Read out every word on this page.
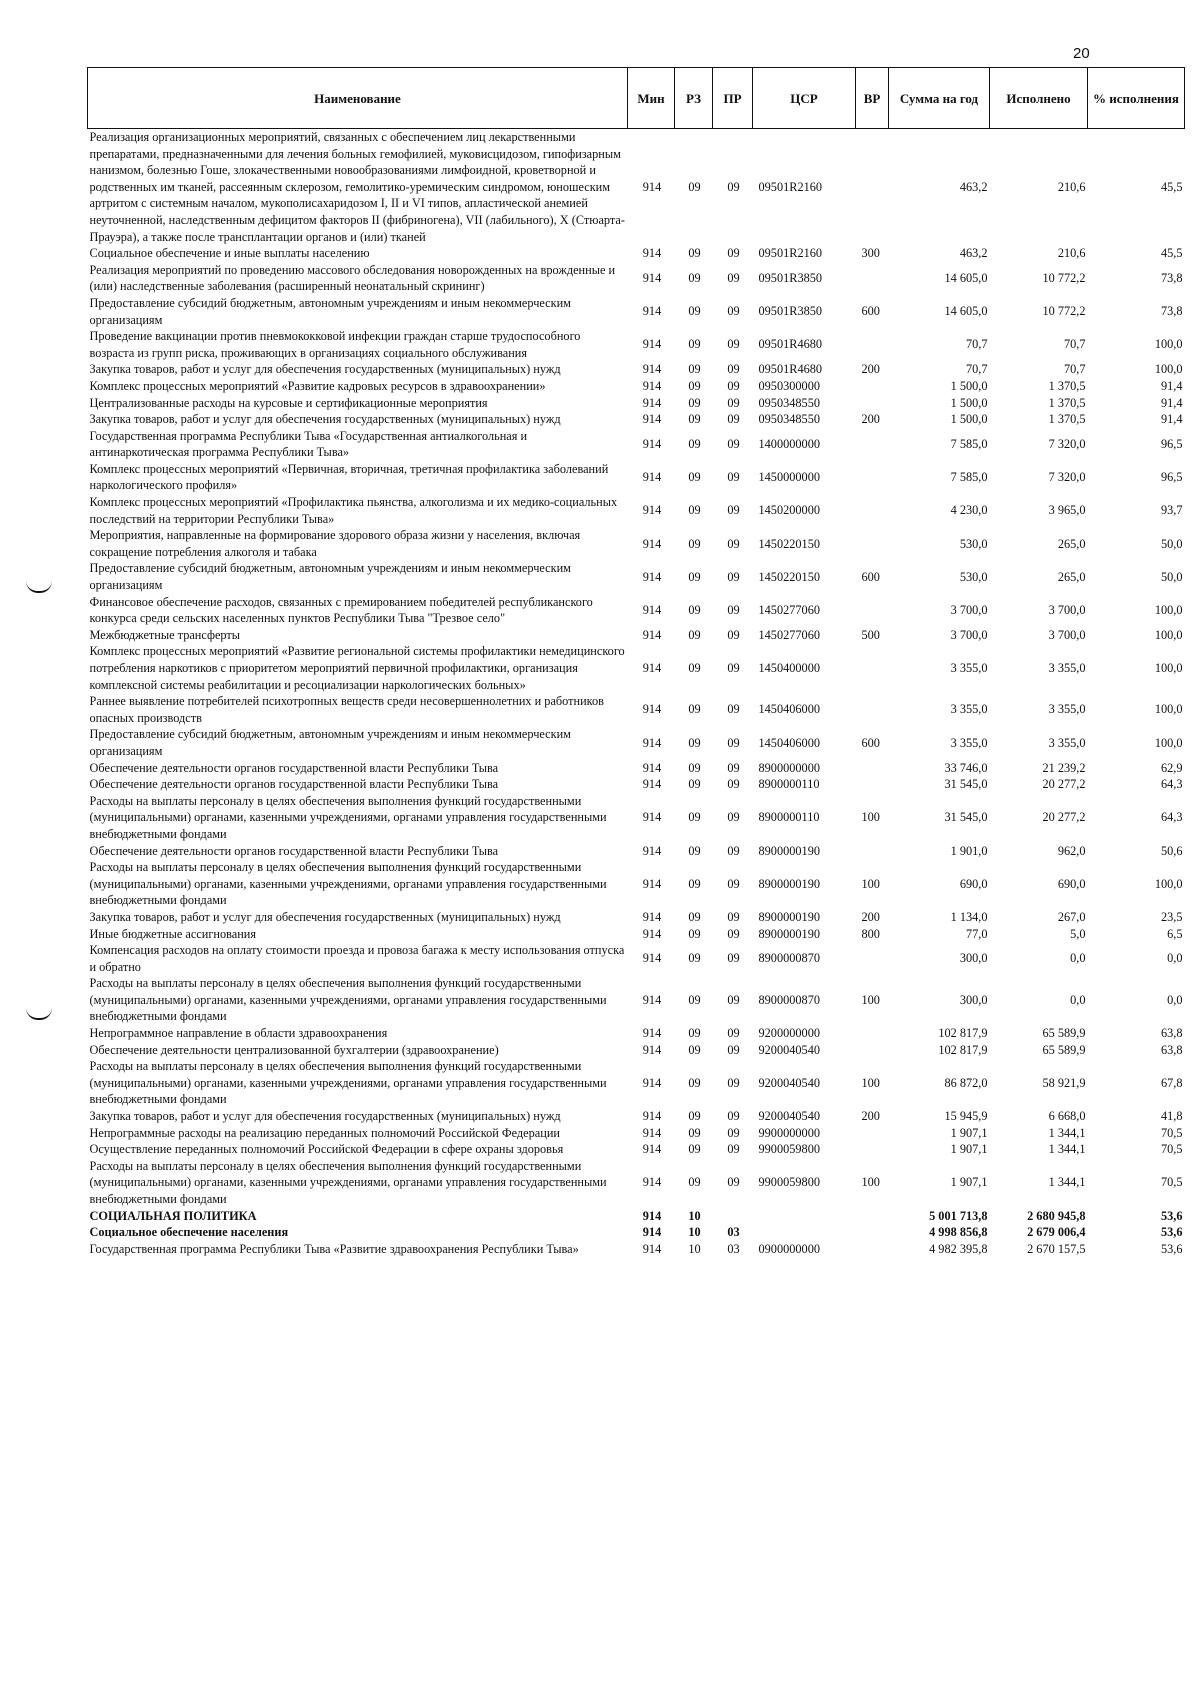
20
Наименование	Мин	РЗ	ПР	ЦСР	ВР	Сумма на год	Исполнено	% исполнения
Реализация организационных мероприятий, связанных с обеспечением лиц лекарственными препаратами, предназначенными для лечения больных гемофилией, муковисцидозом, гипофизарным нанизмом, болезнью Гоше, злокачественными новообразованиями лимфоидной, кроветворной и родственных им тканей, рассеянным склерозом, гемолитико-уремическим синдромом, юношеским артритом с системным началом, мукополисахаридозом I, II и VI типов, апластической анемией неуточненной, наследственным дефицитом факторов II (фибриногена), VII (лабильного), X (Стюарта-Прауэра), а также после трансплантации органов и (или) тканей	914	09	09	09501R2160		463,2	210,6	45,5
Социальное обеспечение и иные выплаты населению	914	09	09	09501R2160	300	463,2	210,6	45,5
Реализация мероприятий по проведению массового обследования новорожденных на врожденные и (или) наследственные заболевания (расширенный неонатальный скрининг)	914	09	09	09501R3850		14 605,0	10 772,2	73,8
Предоставление субсидий бюджетным, автономным учреждениям и иным некоммерческим организациям	914	09	09	09501R3850	600	14 605,0	10 772,2	73,8
Проведение вакцинации против пневмококковой инфекции граждан старше трудоспособного возраста из групп риска, проживающих в организациях социального обслуживания	914	09	09	09501R4680		70,7	70,7	100,0
Закупка товаров, работ и услуг для обеспечения государственных (муниципальных) нужд	914	09	09	09501R4680	200	70,7	70,7	100,0
Комплекс процессных мероприятий «Развитие кадровых ресурсов в здравоохранении»	914	09	09	0950300000		1 500,0	1 370,5	91,4
Централизованные расходы на курсовые и сертификационные мероприятия	914	09	09	0950348550		1 500,0	1 370,5	91,4
Закупка товаров, работ и услуг для обеспечения государственных (муниципальных) нужд	914	09	09	0950348550	200	1 500,0	1 370,5	91,4
Государственная программа Республики Тыва «Государственная антиалкогольная и антинаркотическая программа Республики Тыва»	914	09	09	1400000000		7 585,0	7 320,0	96,5
Комплекс процессных мероприятий «Первичная, вторичная, третичная профилактика заболеваний наркологического профиля»	914	09	09	1450000000		7 585,0	7 320,0	96,5
Комплекс процессных мероприятий «Профилактика пьянства, алкоголизма и их медико-социальных последствий на территории Республики Тыва»	914	09	09	1450200000		4 230,0	3 965,0	93,7
Мероприятия, направленные на формирование здорового образа жизни у населения, включая сокращение потребления алкоголя и табака	914	09	09	1450220150		530,0	265,0	50,0
Предоставление субсидий бюджетным, автономным учреждениям и иным некоммерческим организациям	914	09	09	1450220150	600	530,0	265,0	50,0
Финансовое обеспечение расходов, связанных с премированием победителей республиканского конкурса среди сельских населенных пунктов Республики Тыва "Трезвое село"	914	09	09	1450277060		3 700,0	3 700,0	100,0
Межбюджетные трансферты	914	09	09	1450277060	500	3 700,0	3 700,0	100,0
Комплекс процессных мероприятий «Развитие региональной системы профилактики немедицинского потребления наркотиков с приоритетом мероприятий первичной профилактики, организация комплексной системы реабилитации и ресоциализации наркологических больных»	914	09	09	1450400000		3 355,0	3 355,0	100,0
Раннее выявление потребителей психотропных веществ среди несовершеннолетних и работников опасных производств	914	09	09	1450406000		3 355,0	3 355,0	100,0
Предоставление субсидий бюджетным, автономным учреждениям и иным некоммерческим организациям	914	09	09	1450406000	600	3 355,0	3 355,0	100,0
Обеспечение деятельности органов государственной власти Республики Тыва	914	09	09	8900000000		33 746,0	21 239,2	62,9
Обеспечение деятельности органов государственной власти Республики Тыва	914	09	09	8900000110		31 545,0	20 277,2	64,3
Расходы на выплаты персоналу в целях обеспечения выполнения функций государственными (муниципальными) органами, казенными учреждениями, органами управления государственными внебюджетными фондами	914	09	09	8900000110	100	31 545,0	20 277,2	64,3
Обеспечение деятельности органов государственной власти Республики Тыва	914	09	09	8900000190		1 901,0	962,0	50,6
Расходы на выплаты персоналу в целях обеспечения выполнения функций государственными (муниципальными) органами, казенными учреждениями, органами управления государственными внебюджетными фондами	914	09	09	8900000190	100	690,0	690,0	100,0
Закупка товаров, работ и услуг для обеспечения государственных (муниципальных) нужд	914	09	09	8900000190	200	1 134,0	267,0	23,5
Иные бюджетные ассигнования	914	09	09	8900000190	800	77,0	5,0	6,5
Компенсация расходов на оплату стоимости проезда и провоза багажа к месту использования отпуска и обратно	914	09	09	8900000870		300,0	0,0	0,0
Расходы на выплаты персоналу в целях обеспечения выполнения функций государственными (муниципальными) органами, казенными учреждениями, органами управления государственными внебюджетными фондами	914	09	09	8900000870	100	300,0	0,0	0,0
Непрограммное направление в области здравоохранения	914	09	09	9200000000		102 817,9	65 589,9	63,8
Обеспечение деятельности централизованной бухгалтерии (здравоохранение)	914	09	09	9200040540		102 817,9	65 589,9	63,8
Расходы на выплаты персоналу в целях обеспечения выполнения функций государственными (муниципальными) органами, казенными учреждениями, органами управления государственными внебюджетными фондами	914	09	09	9200040540	100	86 872,0	58 921,9	67,8
Закупка товаров, работ и услуг для обеспечения государственных (муниципальных) нужд	914	09	09	9200040540	200	15 945,9	6 668,0	41,8
Непрограммные расходы на реализацию переданных полномочий Российской Федерации	914	09	09	9900000000		1 907,1	1 344,1	70,5
Осуществление переданных полномочий Российской Федерации в сфере охраны здоровья	914	09	09	9900059800		1 907,1	1 344,1	70,5
Расходы на выплаты персоналу в целях обеспечения выполнения функций государственными (муниципальными) органами, казенными учреждениями, органами управления государственными внебюджетными фондами	914	09	09	9900059800	100	1 907,1	1 344,1	70,5
СОЦИАЛЬНАЯ ПОЛИТИКА	914	10				5 001 713,8	2 680 945,8	53,6
Социальное обеспечение населения	914	10	03			4 998 856,8	2 679 006,4	53,6
Государственная программа Республики Тыва «Развитие здравоохранения Республики Тыва»	914	10	03	0900000000		4 982 395,8	2 670 157,5	53,6
